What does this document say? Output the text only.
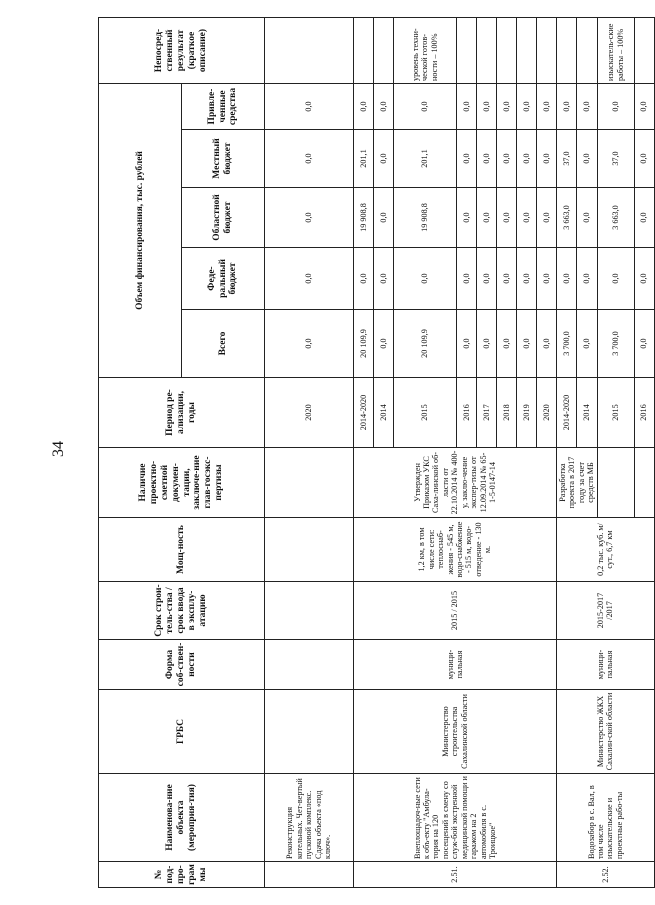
34
№ под-про-грам мы	Наименова-ние объекта (мероприя-тия)	ГРБС	Форма соб-ствен-ности	Срок строи-тель-ства / срок ввода в эксплу-атацию	Мощ-ность	Наличие проектно-сметной докумен-тации, заключе-ние глав-госэкс-пертизы	Период ре-ализации, годы	Объем финансирования, тыс. рублей					Непосред-ственный результат (краткое описание)
								Всего	Феде-ральный бюджет	Областной бюджет	Местный бюджет	Привле-ченные средства	
	Реконструкция котельных. Чет-вертый пусковой комплекс. Сдача объекта «под ключ».						2020	0,0	0,0	0,0	0,0	0,0	
2.51.	Внеплощадоч-ные сети к объ-екту "Амбула-тория на 120 посещений в смену со служ-бой экстренной медицинской помощи и гаражом на 2 автомобиля в с. Троицкое"	Министерство строительства Сахалинской области	муници-пальная	2015 / 2015	1,2 км, в том числе сети: теплоснаб-жения - 545 м, водо-снабжение - 515 м, водо-отведение - 130 м.	Утвержден Приказом УКС Саха-линской об-ласти от 22.10.2014 № 400-у, заклю-чение экспер-тизы от 12.09.2014 № 65-1-5-0147-14	2014-2020	20 109,9	0,0	19 908,8	201,1	0,0	
							2014	0,0	0,0	0,0	0,0	0,0	
							2015	20 109,9	0,0	19 908,8	201,1	0,0	уровень техни-ческой готов-ности – 100%
							2016	0,0	0,0	0,0	0,0	0,0	
							2017	0,0	0,0	0,0	0,0	0,0	
							2018	0,0	0,0	0,0	0,0	0,0	
							2019	0,0	0,0	0,0	0,0	0,0	
							2020	0,0	0,0	0,0	0,0	0,0	
2.52.	Водозабор в с. Вал, в том числе изыскательские и проектные рабо-ты	Министерство ЖКХ Сахалин-ской области	муници-пальная	2015-2017 /2017	0,2 тыс. куб. м/сут., 6,7 км	Разработка проекта в 2017 году за счет средств МБ	2014-2020	3 700,0	0,0	3 663,0	37,0	0,0	
							2014	0,0	0,0	0,0	0,0	0,0	
							2015	3 700,0	0,0	3 663,0	37,0	0,0	изыскатель-ские работы – 100%
							2016	0,0	0,0	0,0	0,0	0,0	
